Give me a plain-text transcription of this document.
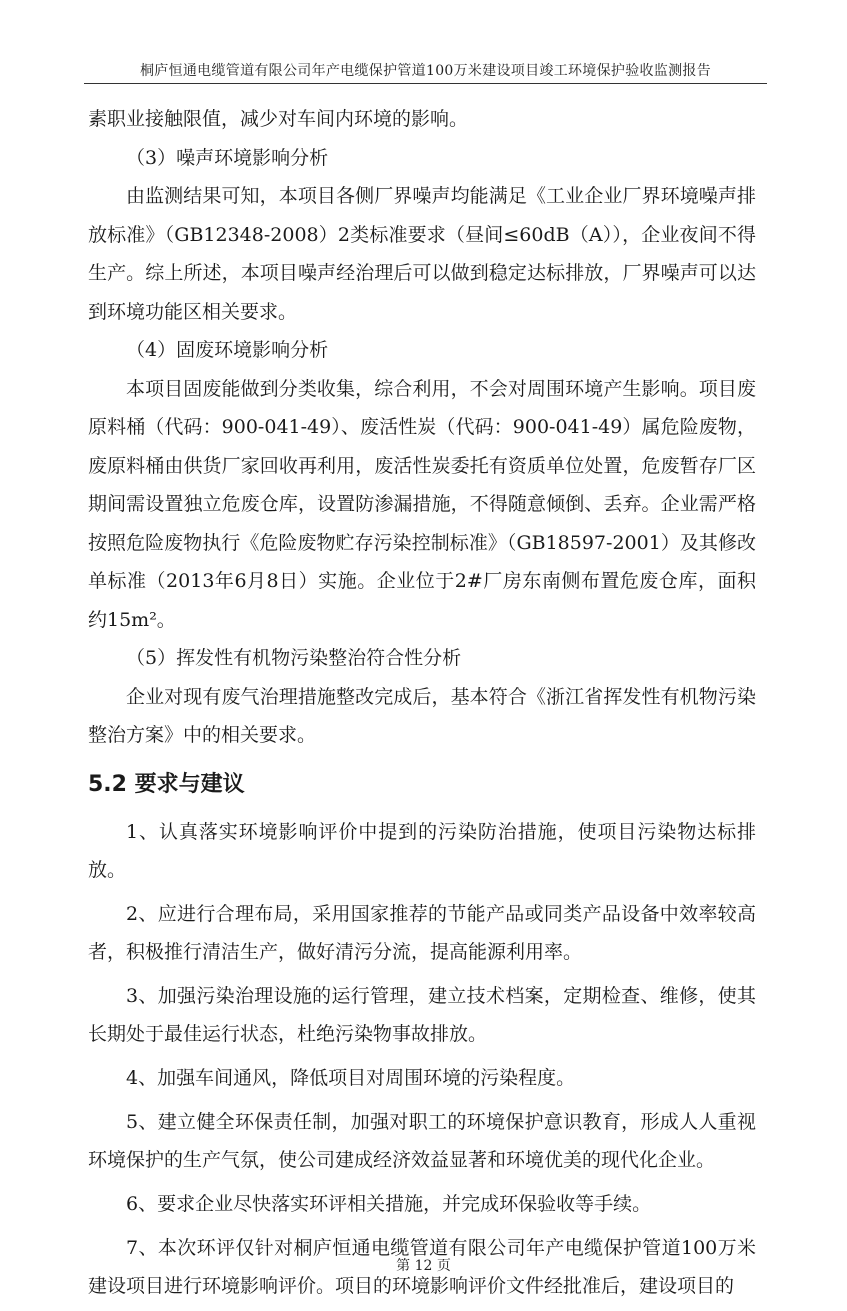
桐庐恒通电缆管道有限公司年产电缆保护管道100万米建设项目竣工环境保护验收监测报告

素职业接触限值，减少对车间内环境的影响。

（3）噪声环境影响分析

由监测结果可知，本项目各侧厂界噪声均能满足《工业企业厂界环境噪声排放标准》（GB12348-2008）2类标准要求（昼间≤60dB（A）），企业夜间不得生产。综上所述，本项目噪声经治理后可以做到稳定达标排放，厂界噪声可以达到环境功能区相关要求。

（4）固废环境影响分析

本项目固废能做到分类收集，综合利用，不会对周围环境产生影响。项目废原料桶（代码：900-041-49）、废活性炭（代码：900-041-49）属危险废物，废原料桶由供货厂家回收再利用，废活性炭委托有资质单位处置，危废暂存厂区期间需设置独立危废仓库，设置防渗漏措施，不得随意倾倒、丢弃。企业需严格按照危险废物执行《危险废物贮存污染控制标准》（GB18597-2001）及其修改单标准（2013年6月8日）实施。企业位于2#厂房东南侧布置危废仓库，面积约15m²。

（5）挥发性有机物污染整治符合性分析

企业对现有废气治理措施整改完成后，基本符合《浙江省挥发性有机物污染整治方案》中的相关要求。

5.2 要求与建议

1、认真落实环境影响评价中提到的污染防治措施，使项目污染物达标排放。

2、应进行合理布局，采用国家推荐的节能产品或同类产品设备中效率较高者，积极推行清洁生产，做好清污分流，提高能源利用率。

3、加强污染治理设施的运行管理，建立技术档案，定期检查、维修，使其长期处于最佳运行状态，杜绝污染物事故排放。

4、加强车间通风，降低项目对周围环境的污染程度。

5、建立健全环保责任制，加强对职工的环境保护意识教育，形成人人重视环境保护的生产气氛，使公司建成经济效益显著和环境优美的现代化企业。

6、要求企业尽快落实环评相关措施，并完成环保验收等手续。

7、本次环评仅针对桐庐恒通电缆管道有限公司年产电缆保护管道100万米建设项目进行环境影响评价。项目的环境影响评价文件经批准后，建设项目的

第 12 页
